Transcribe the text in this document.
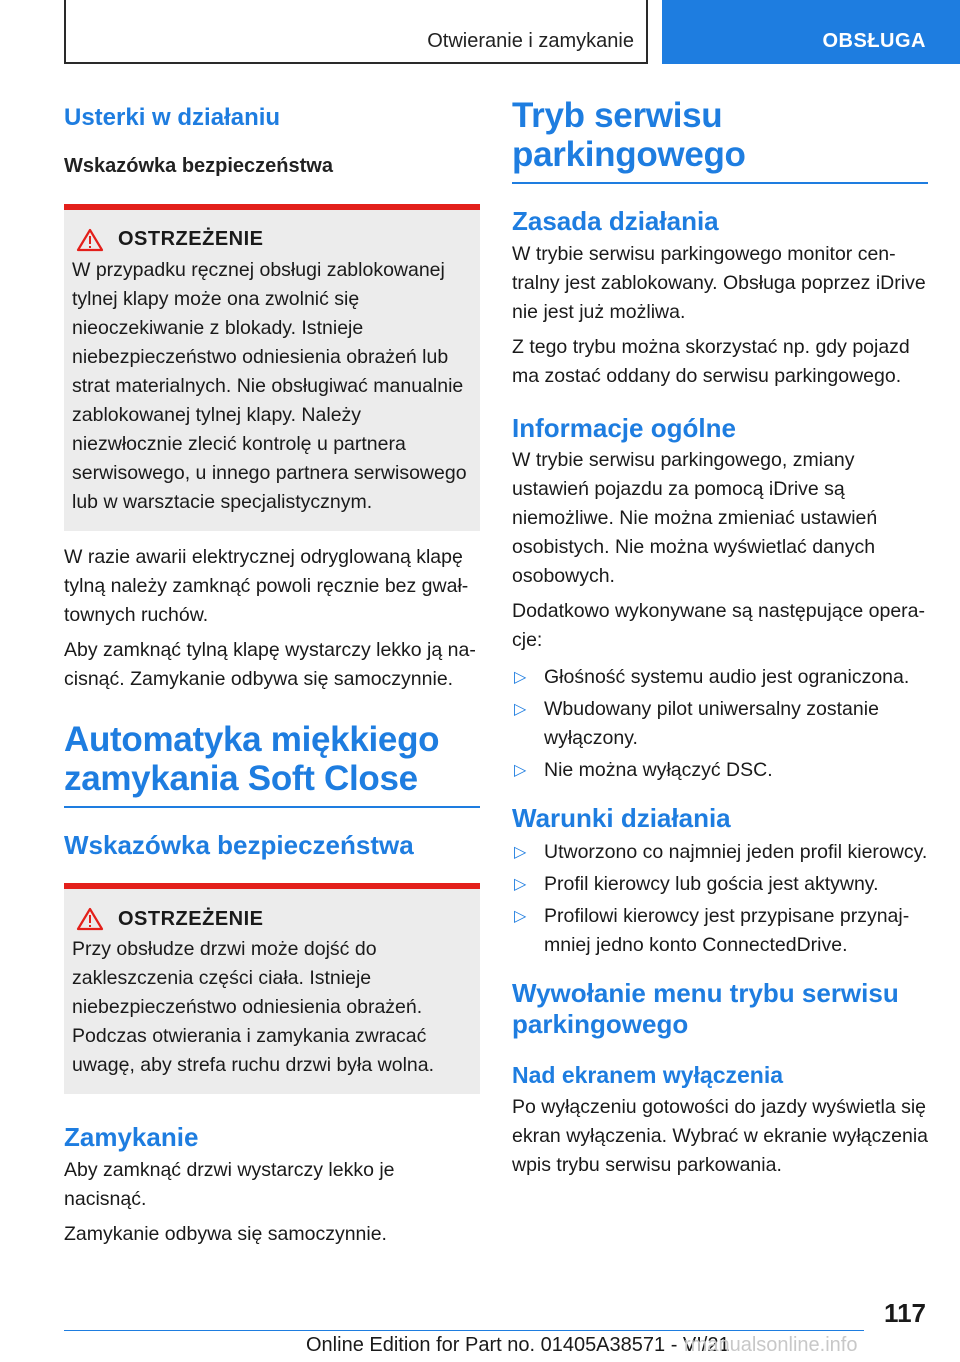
Otwieranie i zamykanie	OBSŁUGA
Usterki w działaniu
Wskazówka bezpieczeństwa
OSTRZEŻENIE

W przypadku ręcznej obsługi zablokowanej tylnej klapy może ona zwolnić się nieoczekiwanie z blokady. Istnieje niebezpieczeństwo odniesienia obrażeń lub strat materialnych. Nie obsługiwać manualnie zablokowanej tylnej klapy. Należy niezwłocznie zlecić kontrolę u partnera serwisowego, u innego partnera serwisowego lub w warsztacie specjalistycznym.

W razie awarii elektrycznej odryglowaną klapę tylną należy zamknąć powoli ręcznie bez gwałtownych ruchów.

Aby zamknąć tylną klapę wystarczy lekko ją nacisnąć. Zamykanie odbywa się samoczynnie.

Automatyka miękkiego zamykania Soft Close
Wskazówka bezpieczeństwa
OSTRZEŻENIE

Przy obsłudze drzwi może dojść do zakleszczenia części ciała. Istnieje niebezpieczeństwo odniesienia obrażeń. Podczas otwierania i zamykania zwracać uwagę, aby strefa ruchu drzwi była wolna.

Zamykanie

Aby zamknąć drzwi wystarczy lekko je nacisnąć.

Zamykanie odbywa się samoczynnie.

Tryb serwisu parkingowego
Zasada działania

W trybie serwisu parkingowego monitor centralny jest zablokowany. Obsługa poprzez iDrive nie jest już możliwa.

Z tego trybu można skorzystać np. gdy pojazd ma zostać oddany do serwisu parkingowego.

Informacje ogólne

W trybie serwisu parkingowego, zmiany ustawień pojazdu za pomocą iDrive są niemożliwe. Nie można zmieniać ustawień osobistych. Nie można wyświetlać danych osobowych.

Dodatkowo wykonywane są następujące operacje:

▷ Głośność systemu audio jest ograniczona.
▷ Wbudowany pilot uniwersalny zostanie wyłączony.
▷ Nie można wyłączyć DSC.
Warunki działania
▷ Utworzono co najmniej jeden profil kierowcy.
▷ Profil kierowcy lub gościa jest aktywny.
▷ Profilowi kierowcy jest przypisane przynajmniej jedno konto ConnectedDrive.
Wywołanie menu trybu serwisu parkingowego
Nad ekranem wyłączenia

Po wyłączeniu gotowości do jazdy wyświetla się ekran wyłączenia. Wybrać w ekranie wyłączenia wpis trybu serwisu parkowania.

117
Online Edition for Part no. 01405A38571 - VI/21
rmanualsonline.info
